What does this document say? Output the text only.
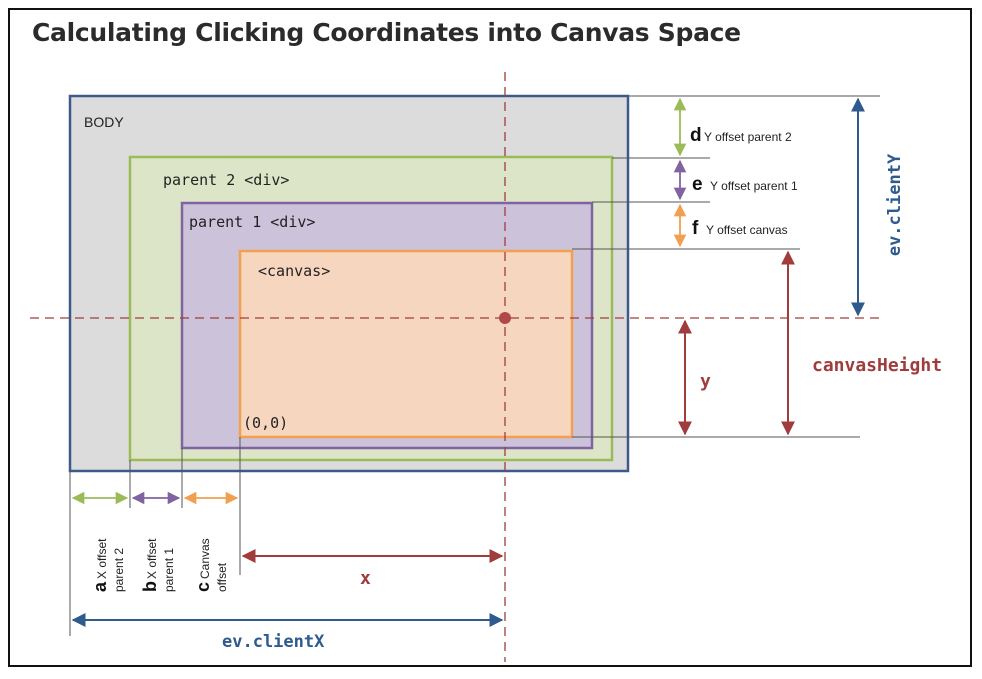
Calculating Clicking Coordinates into Canvas Space
BODY
parent 2 <div>
parent 1 <div>
<canvas>
(0,0)
d Y offset parent 2
e Y offset parent 1
f Y offset canvas	ev.clientY
y
canvasHeight
a
X offset parent 2 b
X offset parent 1 c
Canvas offset	x
ev.clientX
